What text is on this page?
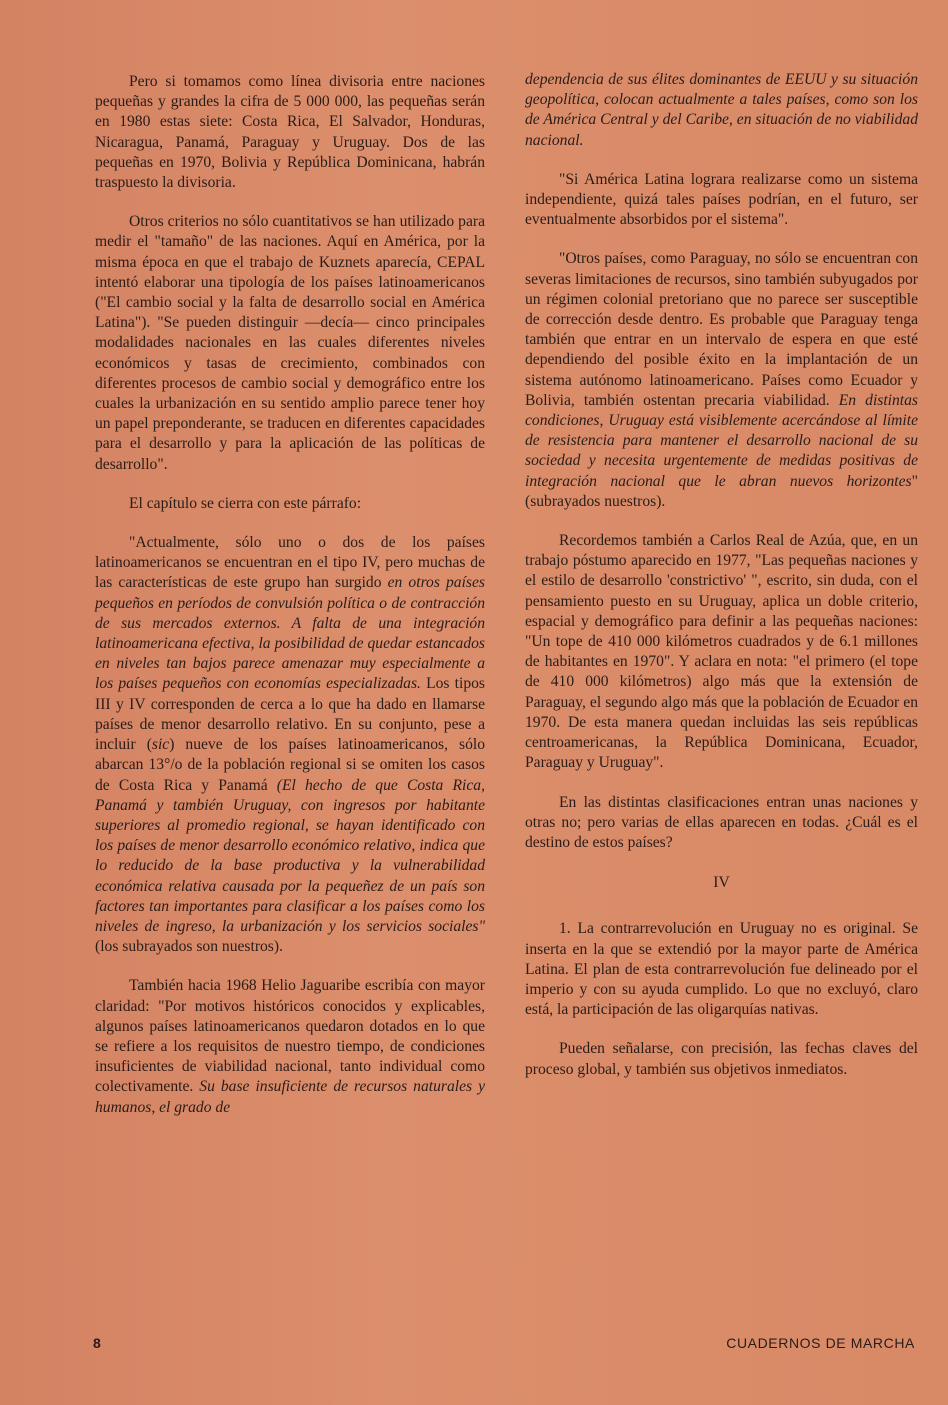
Pero si tomamos como línea divisoria entre naciones pequeñas y grandes la cifra de 5 000 000, las pequeñas serán en 1980 estas siete: Costa Rica, El Salvador, Honduras, Nicaragua, Panamá, Paraguay y Uruguay. Dos de las pequeñas en 1970, Bolivia y República Dominicana, habrán traspuesto la divisoria.

Otros criterios no sólo cuantitativos se han utilizado para medir el "tamaño" de las naciones. Aquí en América, por la misma época en que el trabajo de Kuznets aparecía, CEPAL intentó elaborar una tipología de los países latinoamericanos ("El cambio social y la falta de desarrollo social en América Latina"). "Se pueden distinguir —decía— cinco principales modalidades nacionales en las cuales diferentes niveles económicos y tasas de crecimiento, combinados con diferentes procesos de cambio social y demográfico entre los cuales la urbanización en su sentido amplio parece tener hoy un papel preponderante, se traducen en diferentes capacidades para el desarrollo y para la aplicación de las políticas de desarrollo".

El capítulo se cierra con este párrafo:

"Actualmente, sólo uno o dos de los países latinoamericanos se encuentran en el tipo IV, pero muchas de las características de este grupo han surgido en otros países pequeños en períodos de convulsión política o de contracción de sus mercados externos. A falta de una integración latinoamericana efectiva, la posibilidad de quedar estancados en niveles tan bajos parece amenazar muy especialmente a los países pequeños con economías especializadas. Los tipos III y IV corresponden de cerca a lo que ha dado en llamarse países de menor desarrollo relativo. En su conjunto, pese a incluir (sic) nueve de los países latinoamericanos, sólo abarcan 13°/o de la población regional si se omiten los casos de Costa Rica y Panamá (El hecho de que Costa Rica, Panamá y también Uruguay, con ingresos por habitante superiores al promedio regional, se hayan identificado con los países de menor desarrollo económico relativo, indica que lo reducido de la base productiva y la vulnerabilidad económica relativa causada por la pequeñez de un país son factores tan importantes para clasificar a los países como los niveles de ingreso, la urbanización y los servicios sociales" (los subrayados son nuestros).

También hacia 1968 Helio Jaguaribe escribía con mayor claridad: "Por motivos históricos conocidos y explicables, algunos países latinoamericanos quedaron dotados en lo que se refiere a los requisitos de nuestro tiempo, de condiciones insuficientes de viabilidad nacional, tanto individual como colectivamente. Su base insuficiente de recursos naturales y humanos, el grado de

dependencia de sus élites dominantes de EEUU y su situación geopolítica, colocan actualmente a tales países, como son los de América Central y del Caribe, en situación de no viabilidad nacional.

"Si América Latina lograra realizarse como un sistema independiente, quizá tales países podrían, en el futuro, ser eventualmente absorbidos por el sistema".

"Otros países, como Paraguay, no sólo se encuentran con severas limitaciones de recursos, sino también subyugados por un régimen colonial pretoriano que no parece ser susceptible de corrección desde dentro. Es probable que Paraguay tenga también que entrar en un intervalo de espera en que esté dependiendo del posible éxito en la implantación de un sistema autónomo latinoamericano. Países como Ecuador y Bolivia, también ostentan precaria viabilidad. En distintas condiciones, Uruguay está visiblemente acercándose al límite de resistencia para mantener el desarrollo nacional de su sociedad y necesita urgentemente de medidas positivas de integración nacional que le abran nuevos horizontes" (subrayados nuestros).

Recordemos también a Carlos Real de Azúa, que, en un trabajo póstumo aparecido en 1977, "Las pequeñas naciones y el estilo de desarrollo 'constrictivo' ", escrito, sin duda, con el pensamiento puesto en su Uruguay, aplica un doble criterio, espacial y demográfico para definir a las pequeñas naciones: "Un tope de 410 000 kilómetros cuadrados y de 6.1 millones de habitantes en 1970". Y aclara en nota: "el primero (el tope de 410 000 kilómetros) algo más que la extensión de Paraguay, el segundo algo más que la población de Ecuador en 1970. De esta manera quedan incluidas las seis repúblicas centroamericanas, la República Dominicana, Ecuador, Paraguay y Uruguay".

En las distintas clasificaciones entran unas naciones y otras no; pero varias de ellas aparecen en todas. ¿Cuál es el destino de estos países?

IV

1. La contrarrevolución en Uruguay no es original. Se inserta en la que se extendió por la mayor parte de América Latina. El plan de esta contrarrevolución fue delineado por el imperio y con su ayuda cumplido. Lo que no excluyó, claro está, la participación de las oligarquías nativas.

Pueden señalarse, con precisión, las fechas claves del proceso global, y también sus objetivos inmediatos.

8	CUADERNOS DE MARCHA
